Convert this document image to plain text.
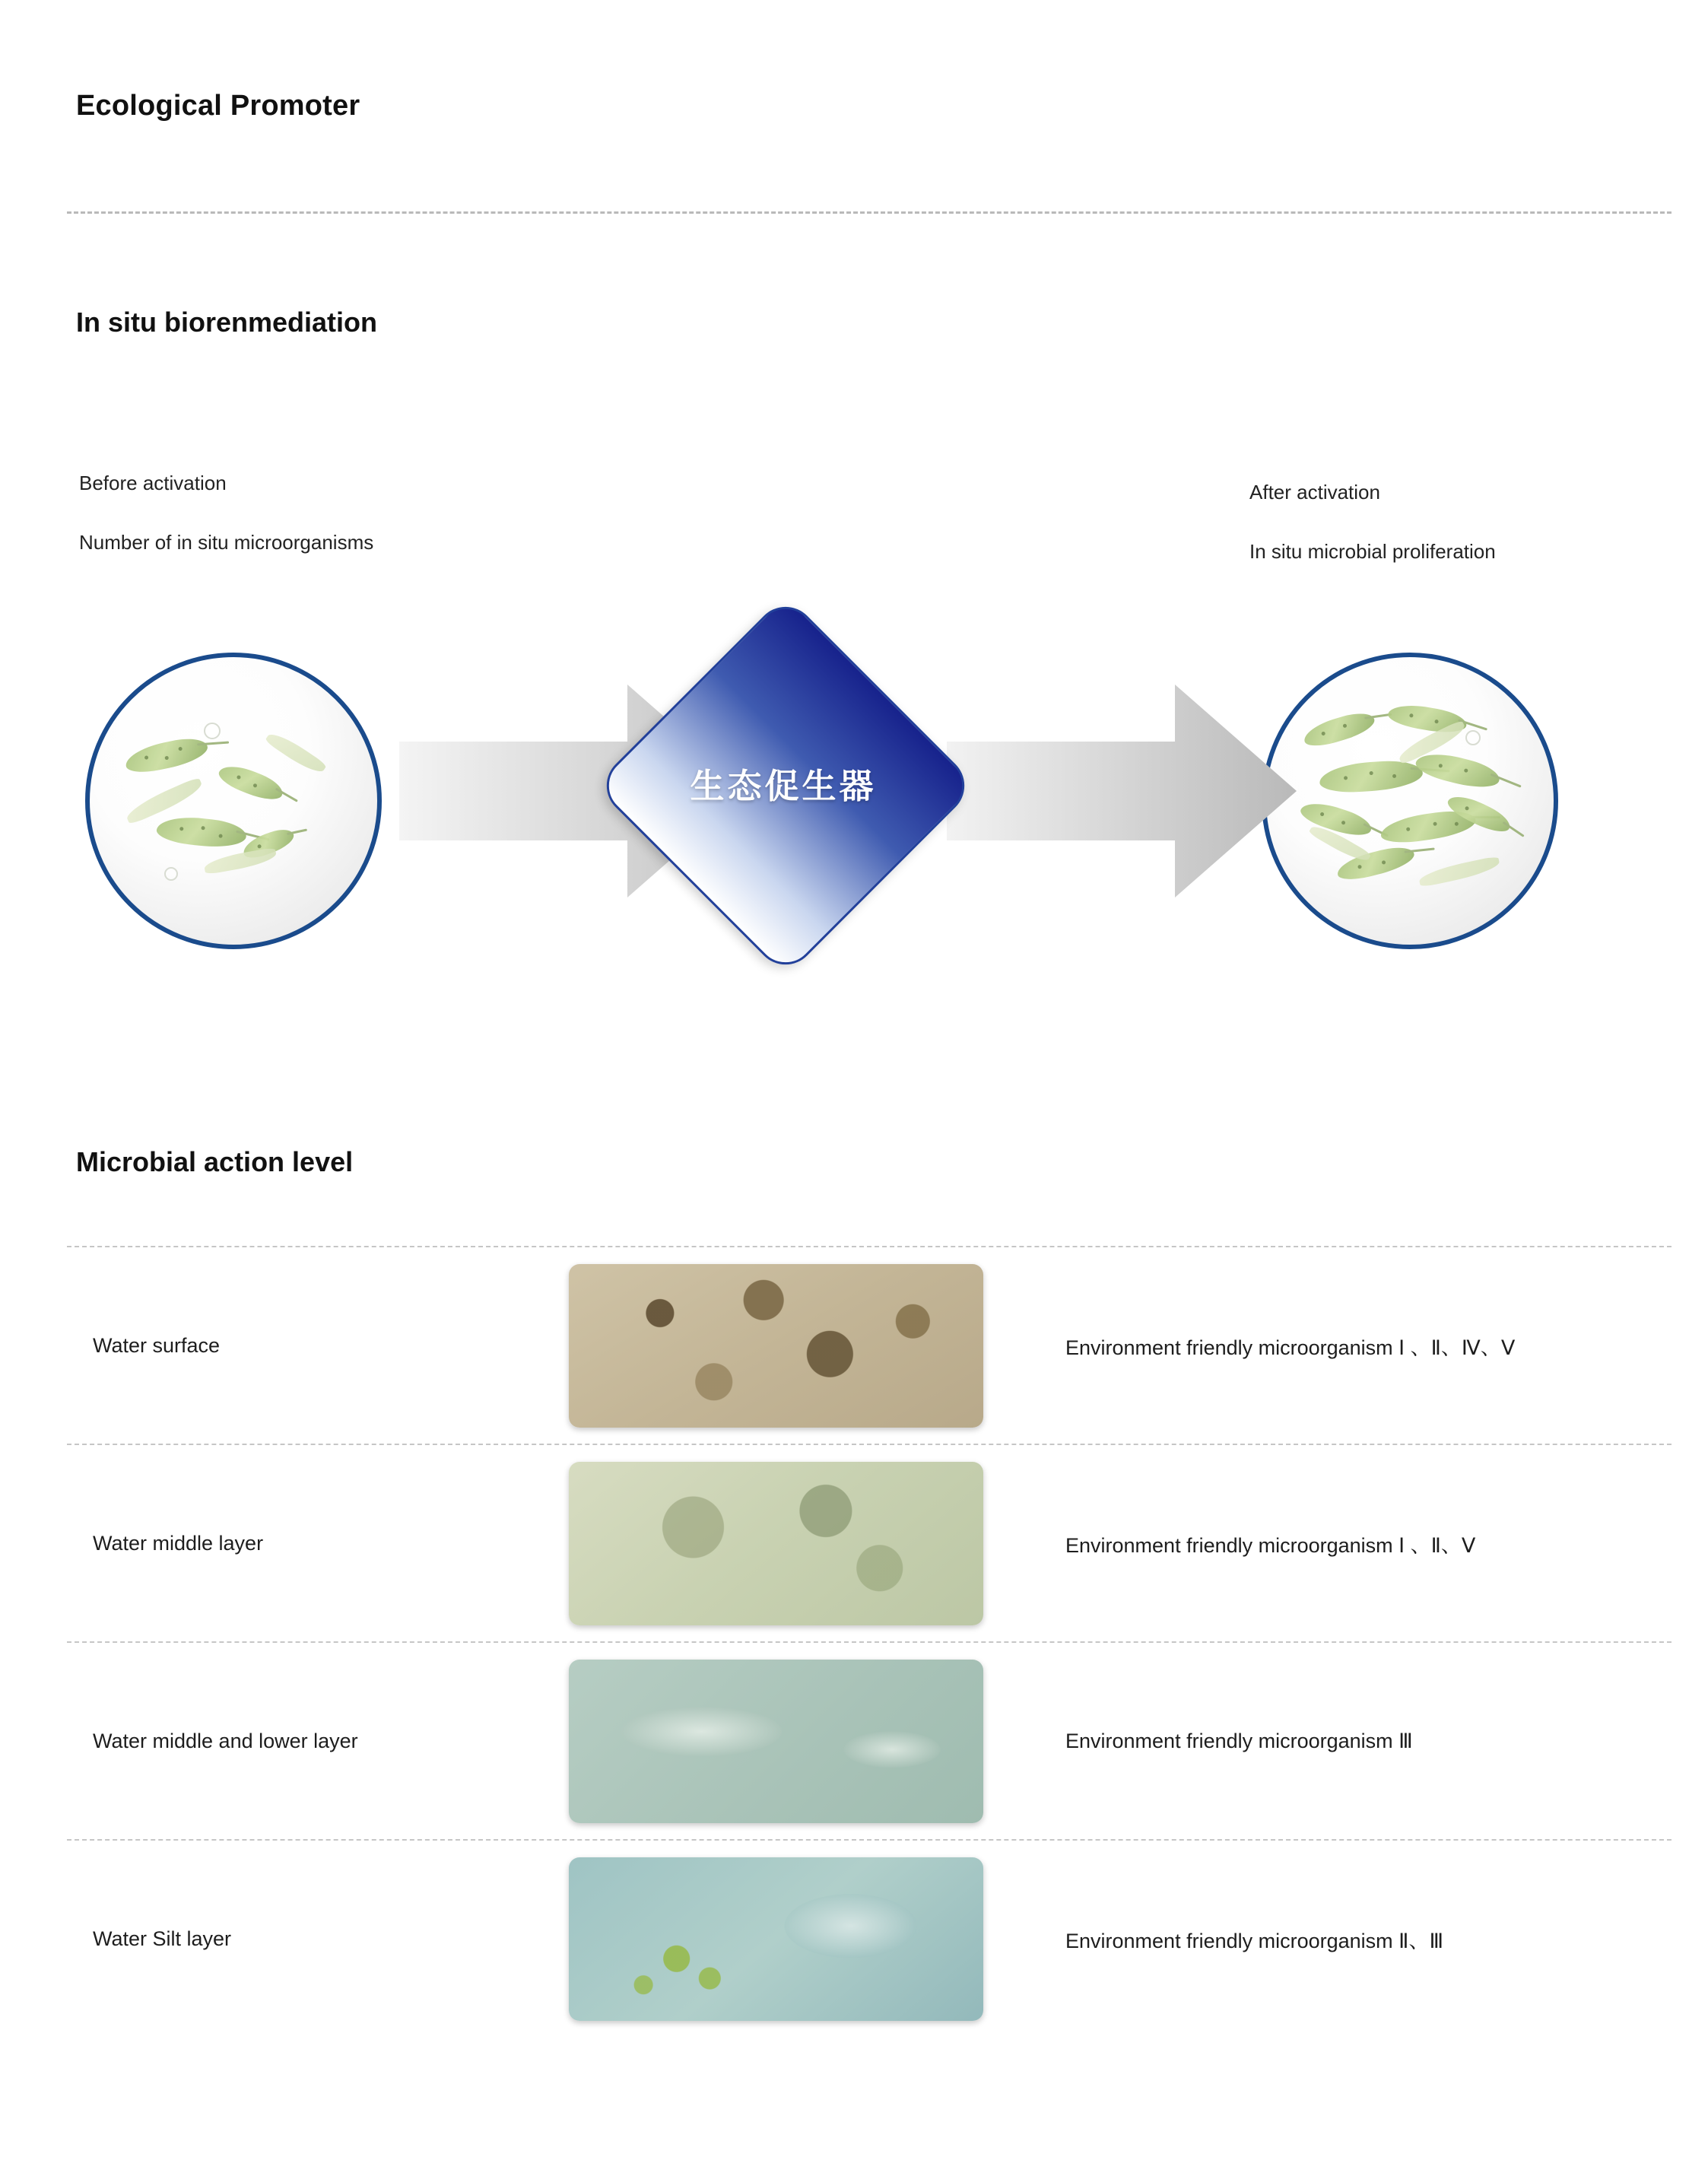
Ecological Promoter
In situ biorenmediation
Before activation
Number of in situ microorganisms
After activation
In situ microbial proliferation
生态促生器
Microbial action level
Water surface	Environment friendly microorganism Ⅰ 、Ⅱ、Ⅳ、Ⅴ
Water middle layer	Environment friendly microorganism Ⅰ 、Ⅱ、Ⅴ
Water middle and lower layer	Environment friendly microorganism Ⅲ
Water Silt layer	Environment friendly microorganism Ⅱ、Ⅲ
